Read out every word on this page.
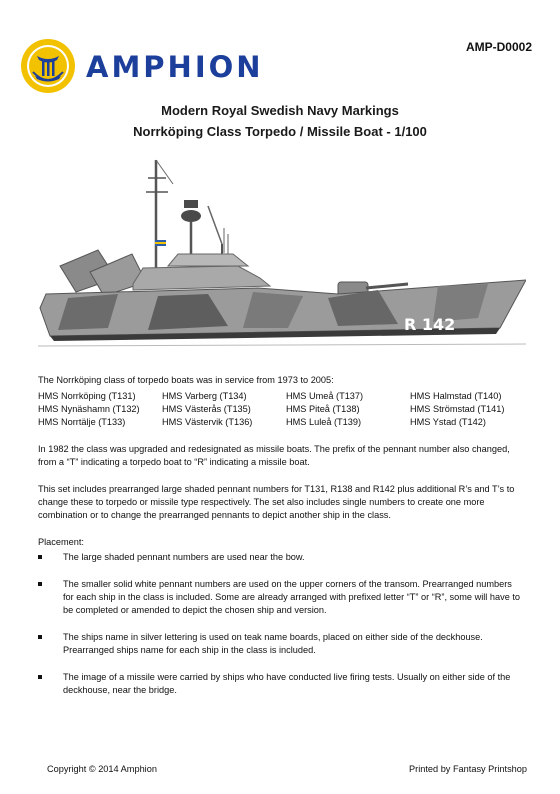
AMPHION
AMP-D0002
Modern Royal Swedish Navy Markings
Norrköping Class Torpedo / Missile Boat - 1/100
R 142
The Norrköping class of torpedo boats was in service from 1973 to 2005:
HMS Norrköping (T131)	HMS Varberg (T134)	HMS Umeå (T137)	HMS Halmstad (T140)
HMS Nynäshamn (T132)	HMS Västerås (T135)	HMS Piteå (T138)	HMS Strömstad (T141)
HMS Norrtälje (T133)	HMS Västervik (T136)	HMS Luleå (T139)	HMS Ystad (T142)
In 1982 the class was upgraded and redesignated as missile boats. The prefix of the pennant number also changed, from a “T” indicating a torpedo boat to “R” indicating a missile boat.
This set includes prearranged large shaded pennant numbers for T131, R138 and R142 plus additional R’s and T’s to change these to torpedo or missile type respectively. The set also includes single numbers to create one more combination or to change the prearranged pennants to depict another ship in the class.
Placement:
The large shaded pennant numbers are used near the bow.
The smaller solid white pennant numbers are used on the upper corners of the transom. Prearranged numbers for each ship in the class is included. Some are already arranged with prefixed letter “T” or “R”, some will have to be completed or amended to depict the chosen ship and version.
The ships name in silver lettering is used on teak name boards, placed on either side of the deckhouse. Prearranged ships name for each ship in the class is included.
The image of a missile were carried by ships who have conducted live firing tests. Usually on either side of the deckhouse, near the bridge.
Copyright © 2014 Amphion	Printed by Fantasy Printshop
